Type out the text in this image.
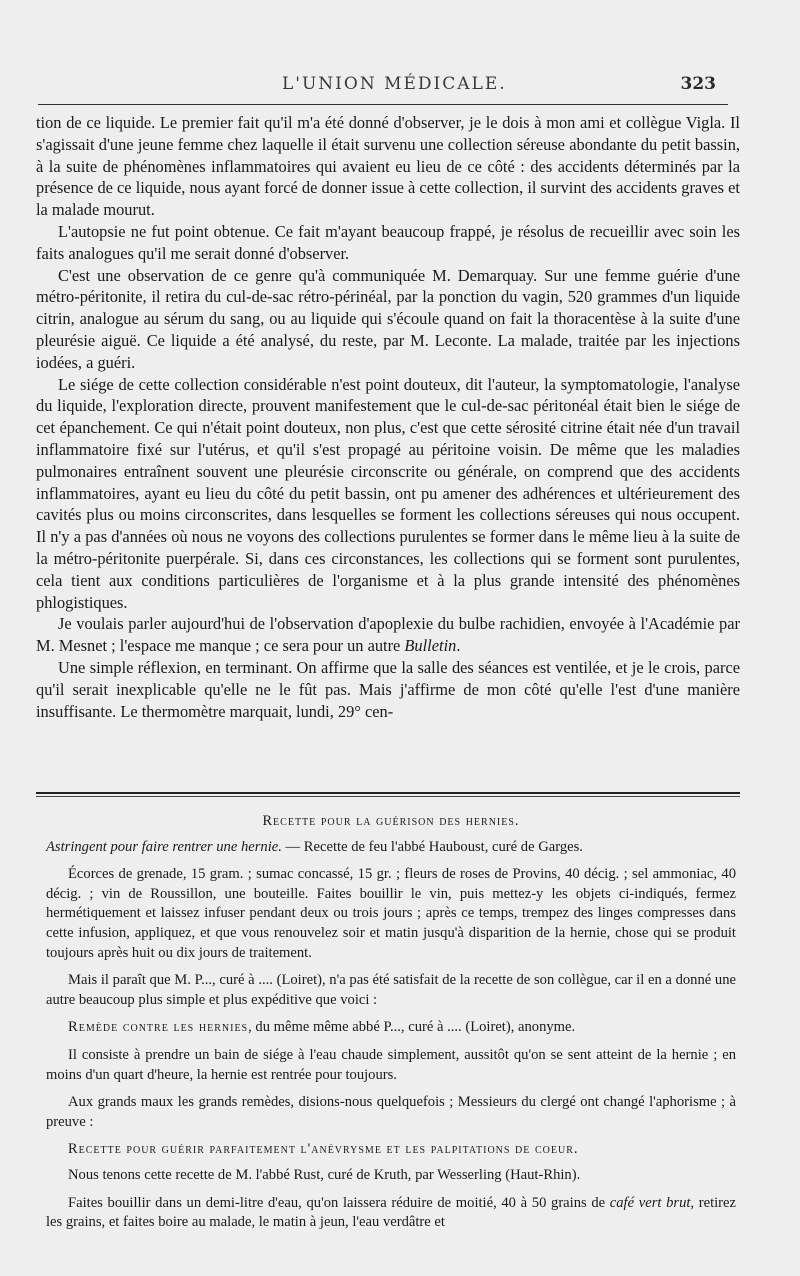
L'UNION MÉDICALE.	323

tion de ce liquide. Le premier fait qu'il m'a été donné d'observer, je le dois à mon ami et collègue Vigla. Il s'agissait d'une jeune femme chez laquelle il était survenu une collection séreuse abondante du petit bassin, à la suite de phénomènes inflammatoires qui avaient eu lieu de ce côté : des accidents déterminés par la présence de ce liquide, nous ayant forcé de donner issue à cette collection, il survint des accidents graves et la malade mourut.

L'autopsie ne fut point obtenue. Ce fait m'ayant beaucoup frappé, je résolus de recueillir avec soin les faits analogues qu'il me serait donné d'observer.

C'est une observation de ce genre qu'à communiquée M. Demarquay. Sur une femme guérie d'une métro-péritonite, il retira du cul-de-sac rétro-périnéal, par la ponction du vagin, 520 grammes d'un liquide citrin, analogue au sérum du sang, ou au liquide qui s'écoule quand on fait la thoracentèse à la suite d'une pleurésie aiguë. Ce liquide a été analysé, du reste, par M. Leconte. La malade, traitée par les injections iodées, a guéri.

Le siége de cette collection considérable n'est point douteux, dit l'auteur, la symptomatologie, l'analyse du liquide, l'exploration directe, prouvent manifestement que le cul-de-sac péritonéal était bien le siége de cet épanchement. Ce qui n'était point douteux, non plus, c'est que cette sérosité citrine était née d'un travail inflammatoire fixé sur l'utérus, et qu'il s'est propagé au péritoine voisin. De même que les maladies pulmonaires entraînent souvent une pleurésie circonscrite ou générale, on comprend que des accidents inflammatoires, ayant eu lieu du côté du petit bassin, ont pu amener des adhérences et ultérieurement des cavités plus ou moins circonscrites, dans lesquelles se forment les collections séreuses qui nous occupent. Il n'y a pas d'années où nous ne voyons des collections purulentes se former dans le même lieu à la suite de la métro-péritonite puerpérale. Si, dans ces circonstances, les collections qui se forment sont purulentes, cela tient aux conditions particulières de l'organisme et à la plus grande intensité des phénomènes phlogistiques.

Je voulais parler aujourd'hui de l'observation d'apoplexie du bulbe rachidien, envoyée à l'Académie par M. Mesnet ; l'espace me manque ; ce sera pour un autre Bulletin.

Une simple réflexion, en terminant. On affirme que la salle des séances est ventilée, et je le crois, parce qu'il serait inexplicable qu'elle ne le fût pas. Mais j'affirme de mon côté qu'elle l'est d'une manière insuffisante. Le thermomètre marquait, lundi, 29° cen-

Recette pour la guérison des hernies.

Astringent pour faire rentrer une hernie. — Recette de feu l'abbé Hauboust, curé de Garges.

Écorces de grenade, 15 gram. ; sumac concassé, 15 gr. ; fleurs de roses de Provins, 40 décig. ; sel ammoniac, 40 décig. ; vin de Roussillon, une bouteille. Faites bouillir le vin, puis mettez-y les objets ci-indiqués, fermez hermétiquement et laissez infuser pendant deux ou trois jours ; après ce temps, trempez des linges compresses dans cette infusion, appliquez, et que vous renouvelez soir et matin jusqu'à disparition de la hernie, chose qui se produit toujours après huit ou dix jours de traitement.

Mais il paraît que M. P..., curé à .... (Loiret), n'a pas été satisfait de la recette de son collègue, car il en a donné une autre beaucoup plus simple et plus expéditive que voici :

Remède contre les hernies, du même même abbé P..., curé à .... (Loiret), anonyme.

Il consiste à prendre un bain de siége à l'eau chaude simplement, aussitôt qu'on se sent atteint de la hernie ; en moins d'un quart d'heure, la hernie est rentrée pour toujours.

Aux grands maux les grands remèdes, disions-nous quelquefois ; Messieurs du clergé ont changé l'aphorisme ; à preuve :

Recette pour guérir parfaitement l'anévrysme et les palpitations de coeur.

Nous tenons cette recette de M. l'abbé Rust, curé de Kruth, par Wesserling (Haut-Rhin).

Faites bouillir dans un demi-litre d'eau, qu'on laissera réduire de moitié, 40 à 50 grains de café vert brut, retirez les grains, et faites boire au malade, le matin à jeun, l'eau verdâtre et
